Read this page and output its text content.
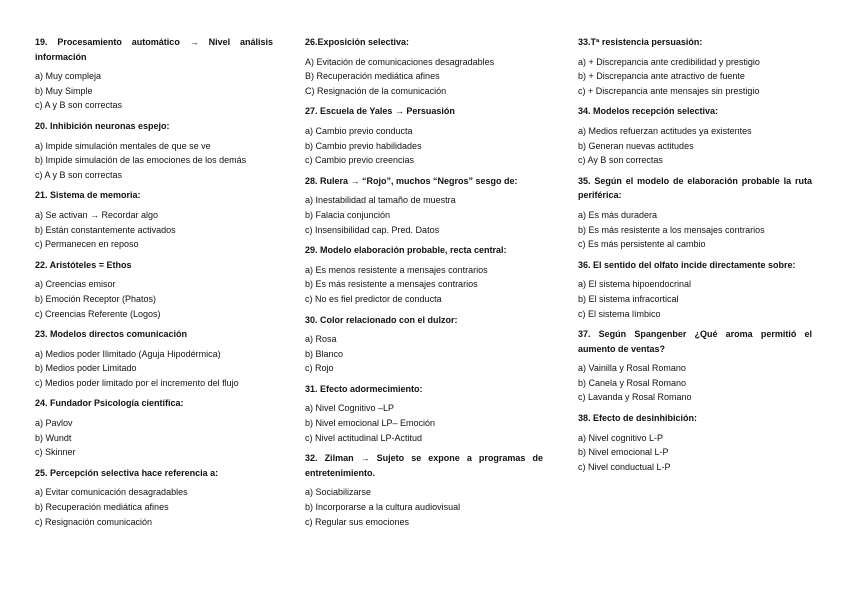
19. Procesamiento automático → Nivel análisis información
a) Muy compleja
b) Muy Simple
c) A y B son correctas
20. Inhibición neuronas espejo:
a) Impide simulación mentales de que se ve
b) Impide simulación de las emociones de los demás
c) A y B son correctas
21. Sistema de memoria:
a) Se activan → Recordar algo
b) Están constantemente activados
c) Permanecen en reposo
22. Aristóteles = Ethos
a) Creencias emisor
b) Emoción Receptor (Phatos)
c) Creencias Referente (Logos)
23. Modelos directos comunicación
a) Medios poder Ilimitado (Aguja Hipodérmica)
b) Medios poder Limitado
c) Medios poder limitado por el incremento del flujo
24. Fundador Psicología científica:
a) Pavlov
b) Wundt
c) Skinner
25. Percepción selectiva hace referencia a:
a) Evitar comunicación desagradables
b) Recuperación mediática afines
c) Resignación comunicación
26.Exposición selectiva:
A) Evitación de comunicaciones desagradables
B) Recuperación mediática afines
C) Resignación de la comunicación
27. Escuela de Yales → Persuasión
a) Cambio previo conducta
b) Cambio previo habilidades
c) Cambio previo creencias
28. Rulera → “Rojo”, muchos “Negros” sesgo de:
a) Inestabilidad al tamaño de muestra
b) Falacia conjunción
c) Insensibilidad cap. Pred. Datos
29. Modelo elaboración probable, recta central:
a) Es menos resistente a mensajes contrarios
b) Es más resistente a mensajes contrarios
c) No es fiel predictor de conducta
30. Color relacionado con el dulzor:
a) Rosa
b) Blanco
c) Rojo
31. Efecto adormecimiento:
a) Nivel Cognitivo –LP
b) Nivel emocional LP– Emoción
c) Nivel actitudinal LP-Actitud
32. Zilman → Sujeto se expone a programas de entretenimiento.
a) Sociabilizarse
b) Incorporarse a la cultura audiovisual
c) Regular sus emociones
33.Tª resistencia persuasión:
a) + Discrepancia ante credibilidad y prestigio
b) + Discrepancia ante atractivo de fuente
c) + Discrepancia ante mensajes sin prestigio
34. Modelos recepción selectiva:
a) Medios refuerzan actitudes ya existentes
b) Generan nuevas actitudes
c) Ay B son correctas
35. Según el modelo de elaboración probable la ruta periférica:
a) Es más duradera
b) Es más resistente a los mensajes contrarios
c) Es más persistente al cambio
36. El sentido del olfato incide directamente sobre:
a) El sistema hipoendocrinal
b) El sistema infracortical
c) El sistema límbico
37. Según Spangenber ¿Qué aroma permitió el aumento de ventas?
a) Vainilla y Rosal Romano
b) Canela y Rosal Romano
c) Lavanda y Rosal Romano
38. Efecto de desinhibición:
a) Nivel cognitivo L-P
b) Nivel emocional L-P
c) Nivel conductual L-P
